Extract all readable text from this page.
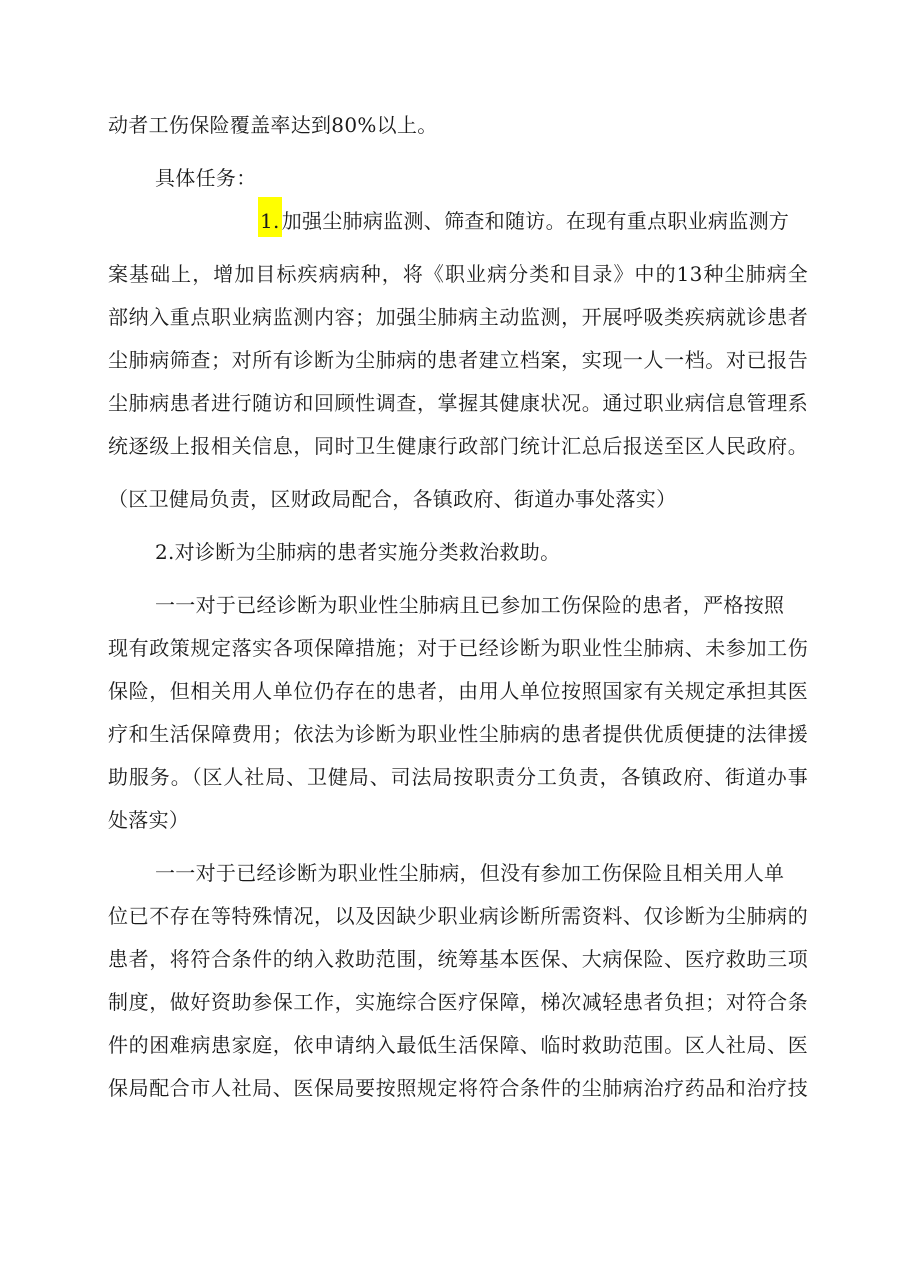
动者工伤保险覆盖率达到80%以上。
具体任务：
1. 加强尘肺病监测、筛查和随访。在现有重点职业病监测方
案基础上，增加目标疾病病种，将《职业病分类和目录》中的13种尘肺病全
部纳入重点职业病监测内容；加强尘肺病主动监测，开展呼吸类疾病就诊患者
尘肺病筛查；对所有诊断为尘肺病的患者建立档案，实现一人一档。对已报告
尘肺病患者进行随访和回顾性调查，掌握其健康状况。通过职业病信息管理系
统逐级上报相关信息，同时卫生健康行政部门统计汇总后报送至区人民政府。
（区卫健局负责，区财政局配合，各镇政府、街道办事处落实）
2.对诊断为尘肺病的患者实施分类救治救助。
一一对于已经诊断为职业性尘肺病且已参加工伤保险的患者，严格按照
现有政策规定落实各项保障措施；对于已经诊断为职业性尘肺病、未参加工伤
保险，但相关用人单位仍存在的患者，由用人单位按照国家有关规定承担其医
疗和生活保障费用；依法为诊断为职业性尘肺病的患者提供优质便捷的法律援
助服务。（区人社局、卫健局、司法局按职责分工负责，各镇政府、街道办事
处落实）
一一对于已经诊断为职业性尘肺病，但没有参加工伤保险且相关用人单
位已不存在等特殊情况，以及因缺少职业病诊断所需资料、仅诊断为尘肺病的
患者，将符合条件的纳入救助范围，统筹基本医保、大病保险、医疗救助三项
制度，做好资助参保工作，实施综合医疗保障，梯次减轻患者负担；对符合条
件的困难病患家庭，依申请纳入最低生活保障、临时救助范围。区人社局、医
保局配合市人社局、医保局要按照规定将符合条件的尘肺病治疗药品和治疗技
